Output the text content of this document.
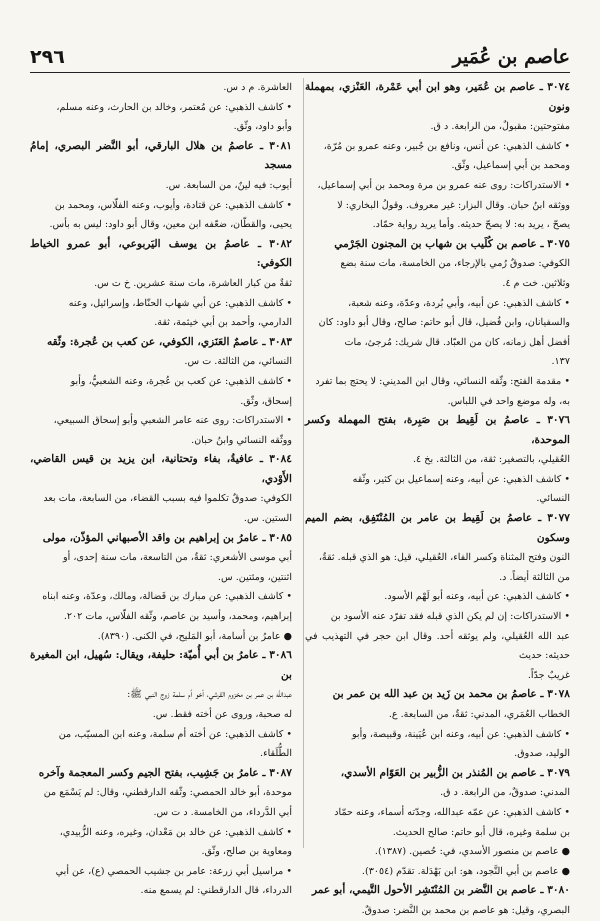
عاصم بن عُمَير
٢٩٦

٣٠٧٤ ـ عاصم بن عُمَير، وهو ابن أبي عَمْرة، العَنْزي، بمهملة ونون

مفتوحتين: مقبولٌ، من الرابعة. د ق.

• كاشف الذهبي: عن أنس، ونافع بن جُبير، وعنه عمرو بن مُرّة،

ومحمد بن أبي إسماعيل، وثّق.

• الاستدراكات: روى عنه عمرو بن مرة ومحمد بن أبي إسماعيل،

ووثقه ابنُ حبان. وقال البزار: غير معروف. وقولُ البخاري: لا

يصحّ ، يريد به: لا يصحّ حديثه. وأما يريد رواية حمّاد.

٣٠٧٥ ـ عاصم بن كُلَيب بن شهاب بن المجنون الجَرْمي

الكوفي: صدوقٌ رُمي بالإرجاء، من الخامسة، مات سنة بضع

وثلاثين. خت م ٤.

• كاشف الذهبي: عن أبيه، وأبي بُردة، وعدّة، وعنه شعبة،

والسفيانان، وابن فُضيل، قال أبو حاتم: صالح، وقال أبو داود: كان

أفضل أهل زمانه، كان من العبّاد. قال شريك: مُرجئ، مات

١٣٧.

• مقدمة الفتح: وثّقه النسائي، وقال ابن المديني: لا يحتج بما تفرد

به، وله موضع واحد في اللباس.

٣٠٧٦ ـ عاصمُ بن لَقِيط بن صَبِرة، بفتح المهملة وكسر الموحدة،

العُقيلي، بالتصغير: ثقة، من الثالثة. بخ ٤.

• كاشف الذهبي: عن أبيه، وعنه إسماعيل بن كثير، وثّقه

النسائي.

٣٠٧٧ ـ عاصمُ بن لَقِيط بن عامر بن المُنْتَفِق، بضم الميم وسكون

النون وفتح المثناة وكسر الفاء، العُقيلي، قيل: هو الذي قبله. ثقةٌ،

من الثالثة أيضاً. د.

• كاشف الذهبي: عن أبيه، وعنه أبو لَهْم الأسود.

• الاستدراكات: إن لم يكن الذي قبله فقد تفرّد عنه الأسود بن

عبد الله العُقيلي، ولم يوثقه أحد. وقال ابن حجر في التهذيب في حديثه: حديث

غريبٌ جدّاً.

٣٠٧٨ ـ عاصمُ بن محمد بن زَيد بن عبد الله بن عمر بن

الخطاب العُمَري، المدني: ثقةٌ، من السابعة. ع.

• كاشف الذهبي: عن أبيه، وعنه ابن عُيَينة، وقبيصة، وأبو

الوليد، صدوق.

٣٠٧٩ ـ عاصم بن المُنذر بن الزُّبير بن العَوّام الأسدي،

المدني: صدوقٌ، من الرابعة. د ق.

• كاشف الذهبي: عن عمّه عبدالله، وجدّته أسماء، وعنه حمّاد

بن سلمة وغيره، قال أبو حاتم: صالح الحديث.

● عاصم بن منصور الأسدي، في: حُصين. (١٣٨٧).

● عاصم بن أبي النَّجود، هو: ابن بَهْدَلة. تقدّم (٣٠٥٤).

٣٠٨٠ ـ عاصم بن النَّضر بن المُنْتَشِر الأحول التَّيمي، أبو عمر

البصري، وقيل: هو عاصم بن محمد بن النَّضر: صدوقٌ.

العاشرة. م د س.

• كاشف الذهبي: عن مُعتمر، وخالد بن الحارث، وعنه مسلم،

وأبو داود، وثّق.

٣٠٨١ ـ عاصمُ بن هلال البارقي، أبو النَّضر البصري، إمامُ مسجد

أيوب: فيه لينٌ، من السابعة. س.

• كاشف الذهبي: عن قتادة، وأيوب، وعنه الفلّاس، ومحمد بن

يحيى، والقطّان، ضعّفه ابن معين، وقال أبو داود: ليس به بأس.

٣٠٨٢ ـ عاصمُ بن يوسف اليَربوعي، أبو عمرو الخياط الكوفي:

ثقةٌ من كبار العاشرة، مات سنة عشرين. خ ت س.

• كاشف الذهبي: عن أبي شهاب الحنّاط، وإسرائيل، وعنه

الدارمي، وأحمد بن أبي خيثمة، ثقة.

٣٠٨٣ ـ عاصمٌ العَنَزي، الكوفي، عن كعب بن عُجرة: وثّقه

النسائي، من الثالثة. ت س.

• كاشف الذهبي: عن كعب بن عُجرة، وعنه الشعبيُّ، وأبو

إسحاق، وثّق.

• الاستدراكات: روى عنه عامر الشعبي وأبو إسحاق السبيعي،

ووثّقه النسائي وابنُ حبان.

٣٠٨٤ ـ عافيةُ، بفاء وتحتانية، ابن يزيد بن قيس القاضي، الأَوْدي،

الكوفي: صدوقٌ تكلموا فيه بسبب القضاء، من السابعة، مات بعد

الستين. س.

٣٠٨٥ ـ عامرُ بن إبراهيم بن واقد الأصبهاني المؤذّن، مولى

أبي موسى الأشعري: ثقةٌ، من التاسعة، مات سنة إحدى، أو

اثنتين، ومئتين. س.

• كاشف الذهبي: عن مبارك بن فَضالة، ومالك، وعدّة، وعنه ابناه

إبراهيم، ومحمد، وأسيد بن عاصم، وثّقه الفلّاس، مات ٢٠٢.

● عامرُ بن أسامة، أبو المَليح، في الكنى. (٨٣٩٠).

٣٠٨٦ ـ عامرُ بن أبي أُميّة: حليفة، ويقال: سُهيل، ابن المغيرة بن

عبدالله بن عمر بن مخزوم القرشي، أخو أم سلمة زوج النبي ﷺ:

له صحبة، وروى عن أخته فقط. س.

• كاشف الذهبي: عن أخته أم سلمة، وعنه ابن المسيّب، من

الطُّلَقاء.

٣٠٨٧ ـ عامرُ بن جَشِيب، بفتح الجيم وكسر المعجمة وآخره

موحدة، أبو خالد الحمصي: وثّقه الدارقطني، وقال: لم يَسْمَع من

أبي الدَّرداء، من الخامسة. د ت س.

• كاشف الذهبي: عن خالد بن مَعْدان، وغيره، وعنه الزُّبيدي،

ومعاوية بن صالح، وثّق.

• مراسيل أبي زرعة: عامر بن جشيب الحمصي (ع)، عن أبي

الدرداء، قال الدارقطني: لم يسمع منه.
